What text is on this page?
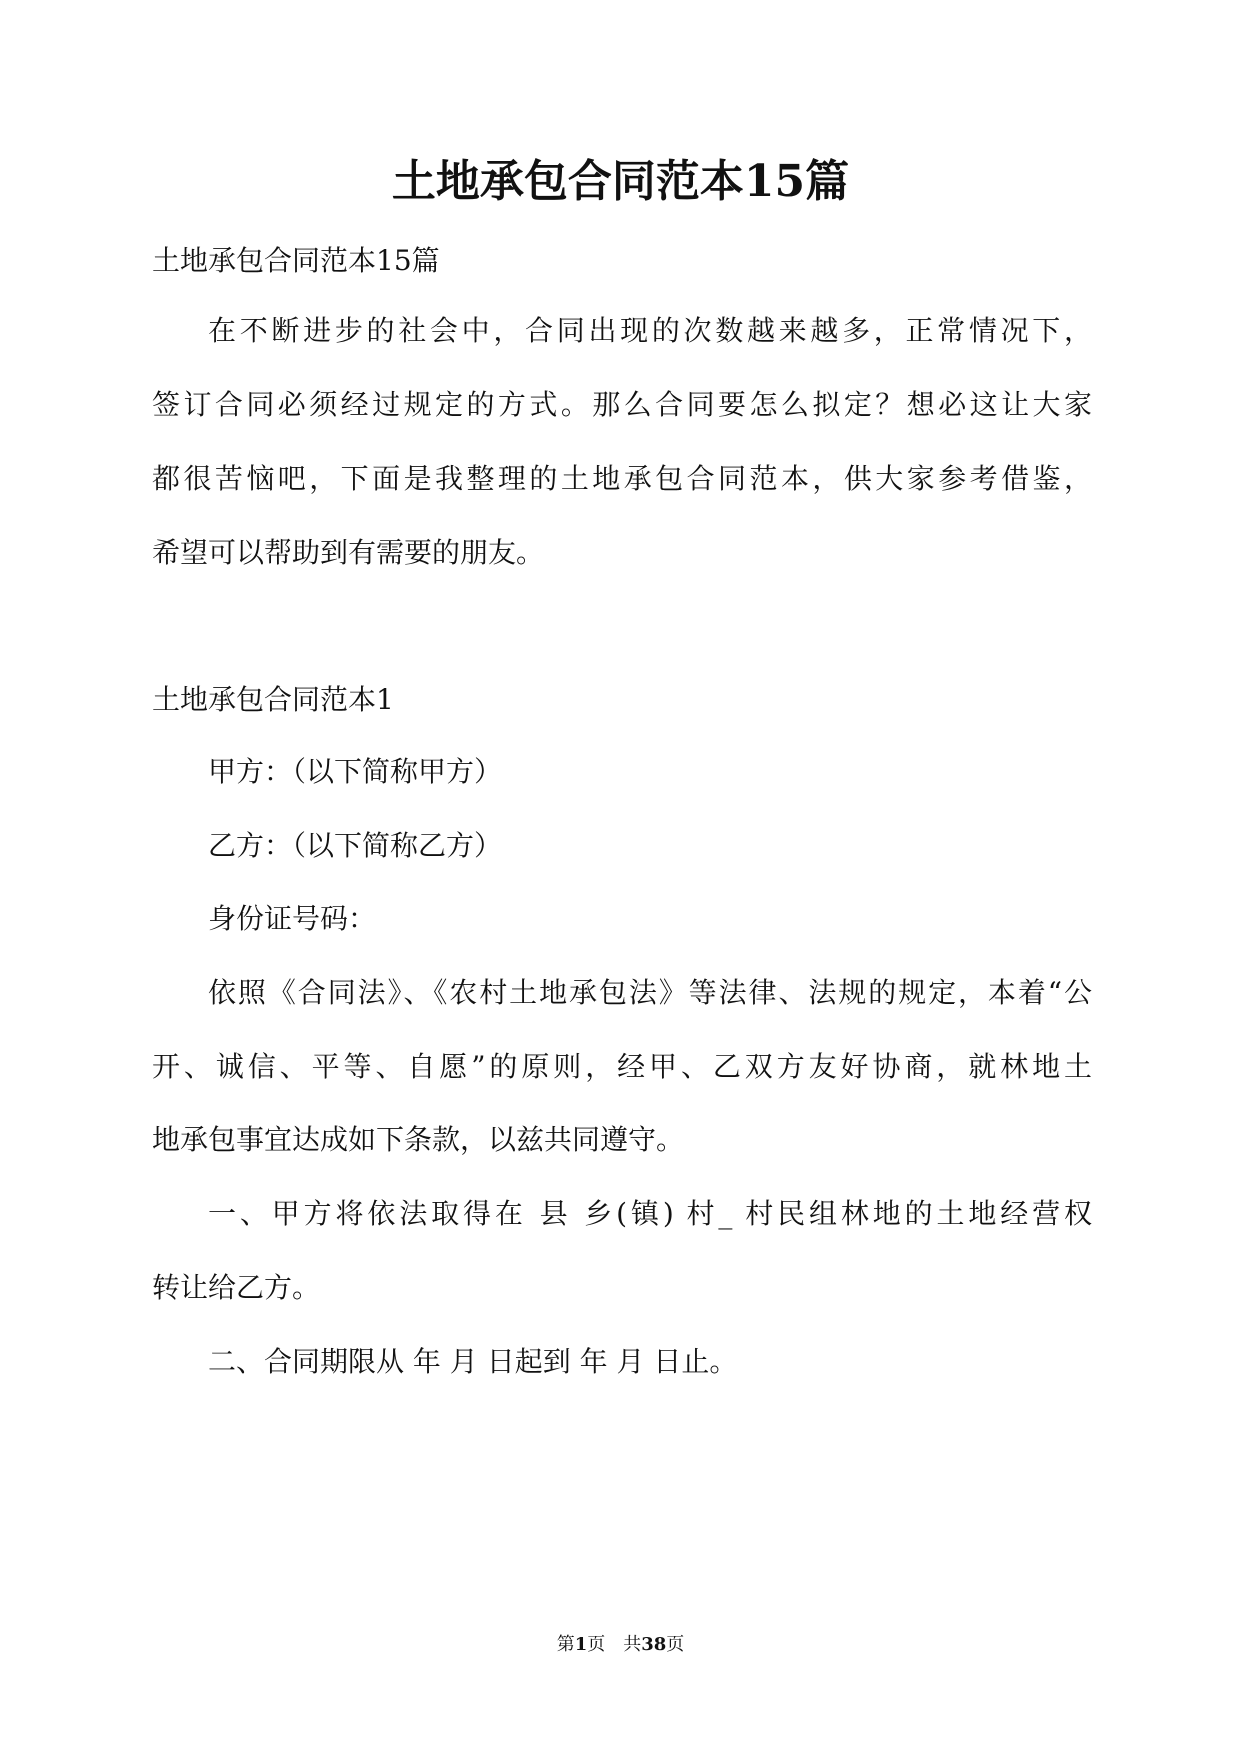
土地承包合同范本15篇
土地承包合同范本15篇
在不断进步的社会中，合同出现的次数越来越多，正常情况下，
签订合同必须经过规定的方式。那么合同要怎么拟定？想必这让大家
都很苦恼吧，下面是我整理的土地承包合同范本，供大家参考借鉴，
希望可以帮助到有需要的朋友。
土地承包合同范本1
甲方：（以下简称甲方）
乙方：（以下简称乙方）
身份证号码：
依照《合同法》、《农村土地承包法》等法律、法规的规定，本着“公
开、诚信、平等、自愿”的原则，经甲、乙双方友好协商，就林地土
地承包事宜达成如下条款，以兹共同遵守。
一、甲方将依法取得在 县 乡(镇) 村_ 村民组林地的土地经营权
转让给乙方。
二、合同期限从 年 月 日起到 年 月 日止。
第1页　共38页
